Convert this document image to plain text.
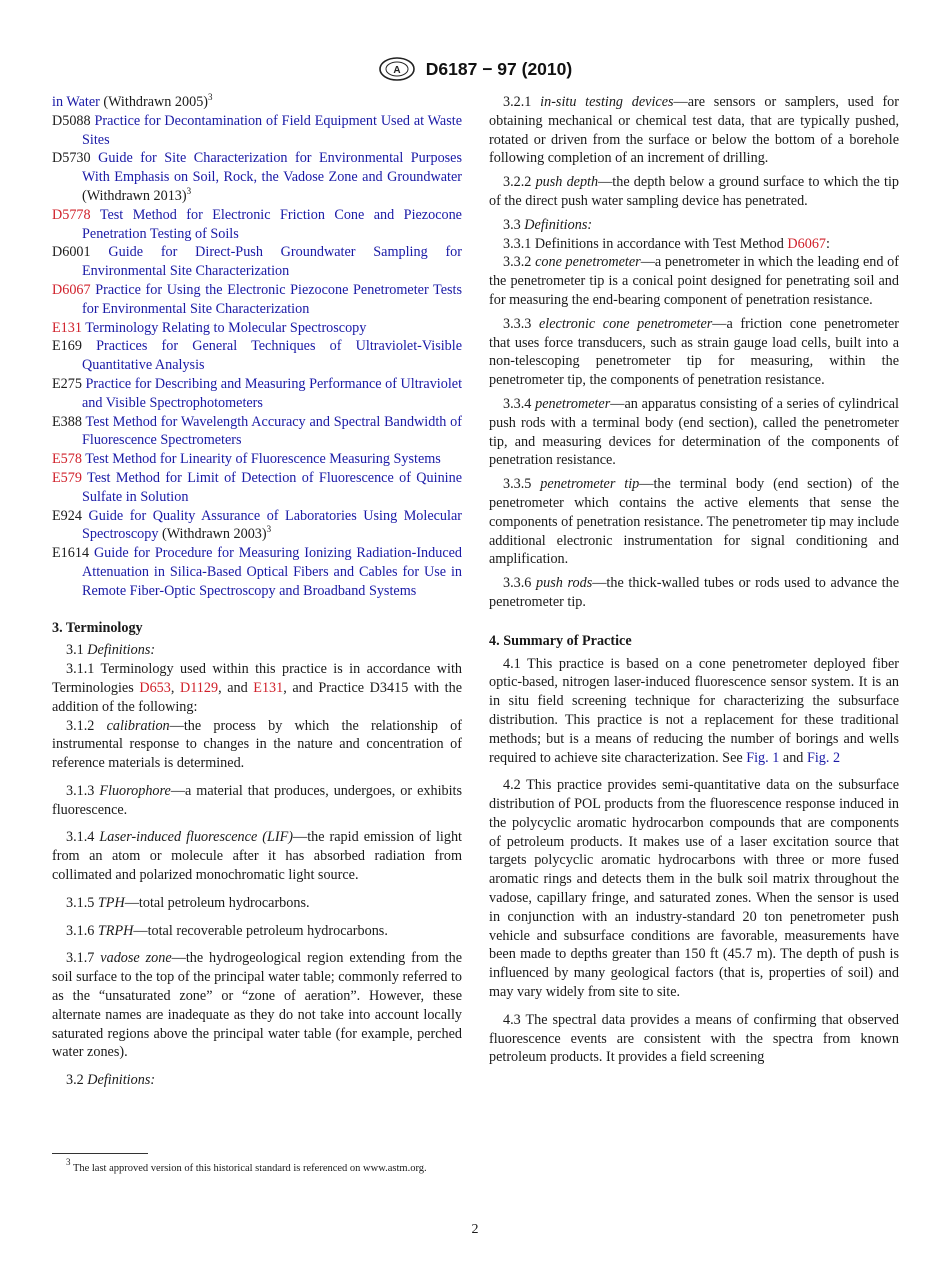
A D6187 − 97 (2010)
in Water (Withdrawn 2005)$^3$
D5088 Practice for Decontamination of Field Equipment Used at Waste Sites
D5730 Guide for Site Characterization for Environmental Purposes With Emphasis on Soil, Rock, the Vadose Zone and Groundwater (Withdrawn 2013)$^3$
D5778 Test Method for Electronic Friction Cone and Piezocone Penetration Testing of Soils
D6001 Guide for Direct-Push Groundwater Sampling for Environmental Site Characterization
D6067 Practice for Using the Electronic Piezocone Penetrometer Tests for Environmental Site Characterization
E131 Terminology Relating to Molecular Spectroscopy
E169 Practices for General Techniques of Ultraviolet-Visible Quantitative Analysis
E275 Practice for Describing and Measuring Performance of Ultraviolet and Visible Spectrophotometers
E388 Test Method for Wavelength Accuracy and Spectral Bandwidth of Fluorescence Spectrometers
E578 Test Method for Linearity of Fluorescence Measuring Systems
E579 Test Method for Limit of Detection of Fluorescence of Quinine Sulfate in Solution
E924 Guide for Quality Assurance of Laboratories Using Molecular Spectroscopy (Withdrawn 2003)$^3$
E1614 Guide for Procedure for Measuring Ionizing Radiation-Induced Attenuation in Silica-Based Optical Fibers and Cables for Use in Remote Fiber-Optic Spectroscopy and Broadband Systems
3. Terminology

3.1 Definitions:

3.1.1 Terminology used within this practice is in accordance with Terminologies D653, D1129, and E131, and Practice D3415 with the addition of the following:

3.1.2 calibration—the process by which the relationship of instrumental response to changes in the nature and concentration of reference materials is determined.

3.1.3 Fluorophore—a material that produces, undergoes, or exhibits fluorescence.

3.1.4 Laser-induced fluorescence (LIF)—the rapid emission of light from an atom or molecule after it has absorbed radiation from collimated and polarized monochromatic light source.

3.1.5 TPH—total petroleum hydrocarbons.

3.1.6 TRPH—total recoverable petroleum hydrocarbons.

3.1.7 vadose zone—the hydrogeological region extending from the soil surface to the top of the principal water table; commonly referred to as the “unsaturated zone” or “zone of aeration”. However, these alternate names are inadequate as they do not take into account locally saturated regions above the principal water table (for example, perched water zones).

3.2 Definitions:

3.2.1 in-situ testing devices—are sensors or samplers, used for obtaining mechanical or chemical test data, that are typically pushed, rotated or driven from the surface or below the bottom of a borehole following completion of an increment of drilling.

3.2.2 push depth—the depth below a ground surface to which the tip of the direct push water sampling device has penetrated.

3.3 Definitions:

3.3.1 Definitions in accordance with Test Method D6067:

3.3.2 cone penetrometer—a penetrometer in which the leading end of the penetrometer tip is a conical point designed for penetrating soil and for measuring the end-bearing component of penetration resistance.

3.3.3 electronic cone penetrometer—a friction cone penetrometer that uses force transducers, such as strain gauge load cells, built into a non-telescoping penetrometer tip for measuring, within the penetrometer tip, the components of penetration resistance.

3.3.4 penetrometer—an apparatus consisting of a series of cylindrical push rods with a terminal body (end section), called the penetrometer tip, and measuring devices for determination of the components of penetration resistance.

3.3.5 penetrometer tip—the terminal body (end section) of the penetrometer which contains the active elements that sense the components of penetration resistance. The penetrometer tip may include additional electronic instrumentation for signal conditioning and amplification.

3.3.6 push rods—the thick-walled tubes or rods used to advance the penetrometer tip.

4. Summary of Practice

4.1 This practice is based on a cone penetrometer deployed fiber optic-based, nitrogen laser-induced fluorescence sensor system. It is an in situ field screening technique for characterizing the subsurface distribution. This practice is not a replacement for these traditional methods; but is a means of reducing the number of borings and wells required to achieve site characterization. See Fig. 1 and Fig. 2

4.2 This practice provides semi-quantitative data on the subsurface distribution of POL products from the fluorescence response induced in the polycyclic aromatic hydrocarbon compounds that are components of petroleum products. It makes use of a laser excitation source that targets polycyclic aromatic hydrocarbons with three or more fused aromatic rings and detects them in the bulk soil matrix throughout the vadose, capillary fringe, and saturated zones. When the sensor is used in conjunction with an industry-standard 20 ton penetrometer push vehicle and subsurface conditions are favorable, measurements have been made to depths greater than 150 ft (45.7 m). The depth of push is influenced by many geological factors (that is, properties of soil) and may vary widely from site to site.

4.3 The spectral data provides a means of confirming that observed fluorescence events are consistent with the spectra from known petroleum products. It provides a field screening

$^3$ The last approved version of this historical standard is referenced on www.astm.org.
2
